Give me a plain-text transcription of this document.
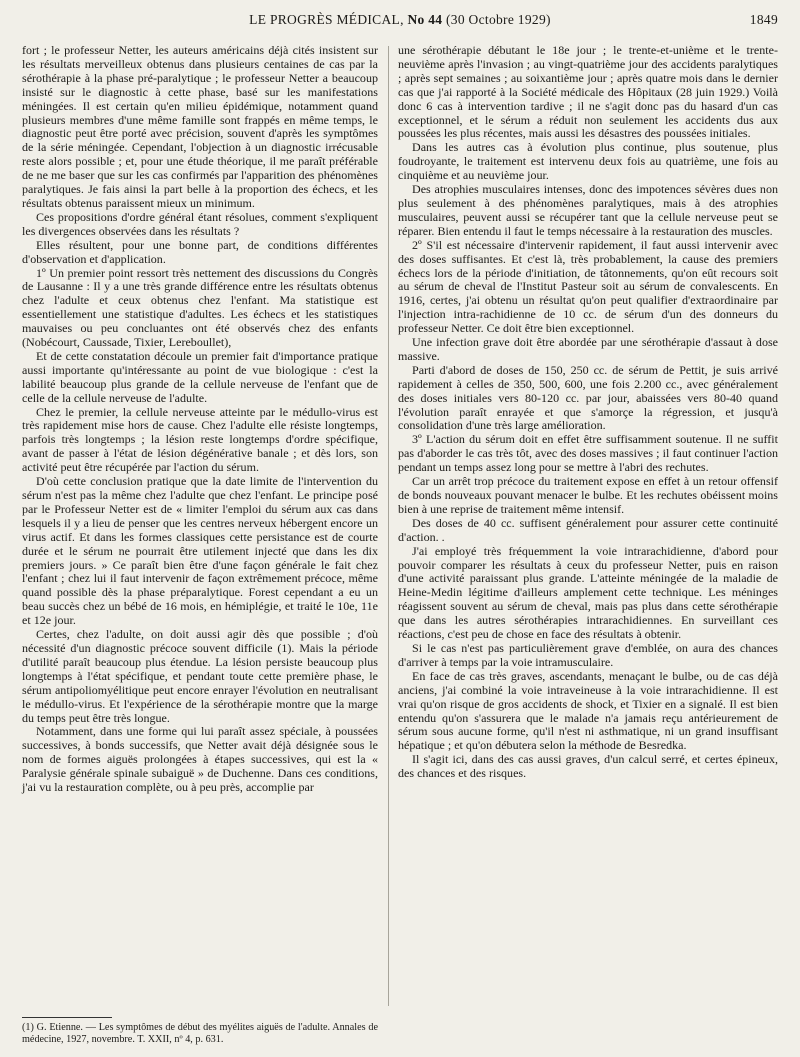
LE PROGRÈS MÉDICAL, No 44 (30 Octobre 1929)	1849

fort ; le professeur Netter, les auteurs américains déjà cités insistent sur les résultats merveilleux obtenus dans plusieurs centaines de cas par la sérothérapie à la phase pré-paralytique ; le professeur Netter a beaucoup insisté sur le diagnostic à cette phase, basé sur les manifestations méningées. Il est certain qu'en milieu épidémique, notamment quand plusieurs membres d'une même famille sont frappés en même temps, le diagnostic peut être porté avec précision, souvent d'après les symptômes de la série méningée. Cependant, l'objection à un diagnostic irrécusable reste alors possible ; et, pour une étude théorique, il me paraît préférable de ne me baser que sur les cas confirmés par l'apparition des phénomènes paralytiques. Je fais ainsi la part belle à la proportion des échecs, et les résultats obtenus paraissent mieux un minimum.

Ces propositions d'ordre général étant résolues, comment s'expliquent les divergences observées dans les résultats ?

Elles résultent, pour une bonne part, de conditions différentes d'observation et d'application.

1º Un premier point ressort très nettement des discussions du Congrès de Lausanne : Il y a une très grande différence entre les résultats obtenus chez l'adulte et ceux obtenus chez l'enfant. Ma statistique est essentiellement une statistique d'adultes. Les échecs et les statistiques mauvaises ou peu concluantes ont été observés chez des enfants (Nobécourt, Caussade, Tixier, Lereboullet),

Et de cette constatation découle un premier fait d'importance pratique aussi importante qu'intéressante au point de vue biologique : c'est la labilité beaucoup plus grande de la cellule nerveuse de l'enfant que de celle de la cellule nerveuse de l'adulte.

Chez le premier, la cellule nerveuse atteinte par le médullo-virus est très rapidement mise hors de cause. Chez l'adulte elle résiste longtemps, parfois très longtemps ; la lésion reste longtemps d'ordre spécifique, avant de passer à l'état de lésion dégénérative banale ; et dès lors, son activité peut être récupérée par l'action du sérum.

D'où cette conclusion pratique que la date limite de l'intervention du sérum n'est pas la même chez l'adulte que chez l'enfant. Le principe posé par le Professeur Netter est de « limiter l'emploi du sérum aux cas dans lesquels il y a lieu de penser que les centres nerveux hébergent encore un virus actif. Et dans les formes classiques cette persistance est de courte durée et le sérum ne pourrait être utilement injecté que dans les dix premiers jours. » Ce paraît bien être d'une façon générale le fait chez l'enfant ; chez lui il faut intervenir de façon extrêmement précoce, même quand possible dès la phase préparalytique. Forest cependant a eu un beau succès chez un bébé de 16 mois, en hémiplégie, et traité le 10e, 11e et 12e jour.

Certes, chez l'adulte, on doit aussi agir dès que possible ; d'où nécessité d'un diagnostic précoce souvent difficile (1). Mais la période d'utilité paraît beaucoup plus étendue. La lésion persiste beaucoup plus longtemps à l'état spécifique, et pendant toute cette première phase, le sérum antipoliomyélitique peut encore enrayer l'évolution en neutralisant le médullo-virus. Et l'expérience de la sérothérapie montre que la marge du temps peut être très longue.

Notamment, dans une forme qui lui paraît assez spéciale, à poussées successives, à bonds successifs, que Netter avait déjà désignée sous le nom de formes aiguës prolongées à étapes successives, qui est la « Paralysie générale spinale subaiguë » de Duchenne. Dans ces conditions, j'ai vu la restauration complète, ou à peu près, accomplie par

une sérothérapie débutant le 18e jour ; le trente-et-unième et le trente-neuvième après l'invasion ; au vingt-quatrième jour des accidents paralytiques ; après sept semaines ; au soixantième jour ; après quatre mois dans le dernier cas que j'ai rapporté à la Société médicale des Hôpitaux (28 juin 1929.) Voilà donc 6 cas à intervention tardive ; il ne s'agit donc pas du hasard d'un cas exceptionnel, et le sérum a réduit non seulement les accidents dus aux poussées les plus récentes, mais aussi les désastres des poussées initiales.

Dans les autres cas à évolution plus continue, plus soutenue, plus foudroyante, le traitement est intervenu deux fois au quatrième, une fois au cinquième et au neuvième jour.

Des atrophies musculaires intenses, donc des impotences sévères dues non plus seulement à des phénomènes paralytiques, mais à des atrophies musculaires, peuvent aussi se récupérer tant que la cellule nerveuse peut se réparer. Bien entendu il faut le temps nécessaire à la restauration des muscles.

2º S'il est nécessaire d'intervenir rapidement, il faut aussi intervenir avec des doses suffisantes. Et c'est là, très probablement, la cause des premiers échecs lors de la période d'initiation, de tâtonnements, qu'on eût recours soit au sérum de cheval de l'Institut Pasteur soit au sérum de convalescents. En 1916, certes, j'ai obtenu un résultat qu'on peut qualifier d'extraordinaire par l'injection intra-rachidienne de 10 cc. de sérum d'un des donneurs du professeur Netter. Ce doit être bien exceptionnel.

Une infection grave doit être abordée par une sérothérapie d'assaut à dose massive.

Parti d'abord de doses de 150, 250 cc. de sérum de Pettit, je suis arrivé rapidement à celles de 350, 500, 600, une fois 2.200 cc., avec généralement des doses initiales vers 80-120 cc. par jour, abaissées vers 80-40 quand l'évolution paraît enrayée et que s'amorçe la régression, et jusqu'à consolidation d'une très large amélioration.

3º L'action du sérum doit en effet être suffisamment soutenue. Il ne suffit pas d'aborder le cas très tôt, avec des doses massives ; il faut continuer l'action pendant un temps assez long pour se mettre à l'abri des rechutes.

Car un arrêt trop précoce du traitement expose en effet à un retour offensif de bonds nouveaux pouvant menacer le bulbe. Et les rechutes obéissent moins bien à une reprise de traitement même intensif.

Des doses de 40 cc. suffisent généralement pour assurer cette continuité d'action. .

J'ai employé très fréquemment la voie intrarachidienne, d'abord pour pouvoir comparer les résultats à ceux du professeur Netter, puis en raison d'une activité paraissant plus grande. L'atteinte méningée de la maladie de Heine-Medin légitime d'ailleurs amplement cette technique. Les méninges réagissent souvent au sérum de cheval, mais pas plus dans cette sérothérapie que dans les autres sérothérapies intrarachidiennes. En surveillant ces réactions, c'est peu de chose en face des résultats à obtenir.

Si le cas n'est pas particulièrement grave d'emblée, on aura des chances d'arriver à temps par la voie intramusculaire.

En face de cas très graves, ascendants, menaçant le bulbe, ou de cas déjà anciens, j'ai combiné la voie intraveineuse à la voie intrarachidienne. Il est vrai qu'on risque de gros accidents de shock, et Tixier en a signalé. Il est bien entendu qu'on s'assurera que le malade n'a jamais reçu antérieurement de sérum sous aucune forme, qu'il n'est ni asthmatique, ni un grand insuffisant hépatique ; et qu'on débutera selon la méthode de Besredka.

Il s'agit ici, dans des cas aussi graves, d'un calcul serré, et certes épineux, des chances et des risques.

(1) G. Etienne. — Les symptômes de début des myélites aiguës de l'adulte. Annales de médecine, 1927, novembre. T. XXII, nº 4, p. 631.
